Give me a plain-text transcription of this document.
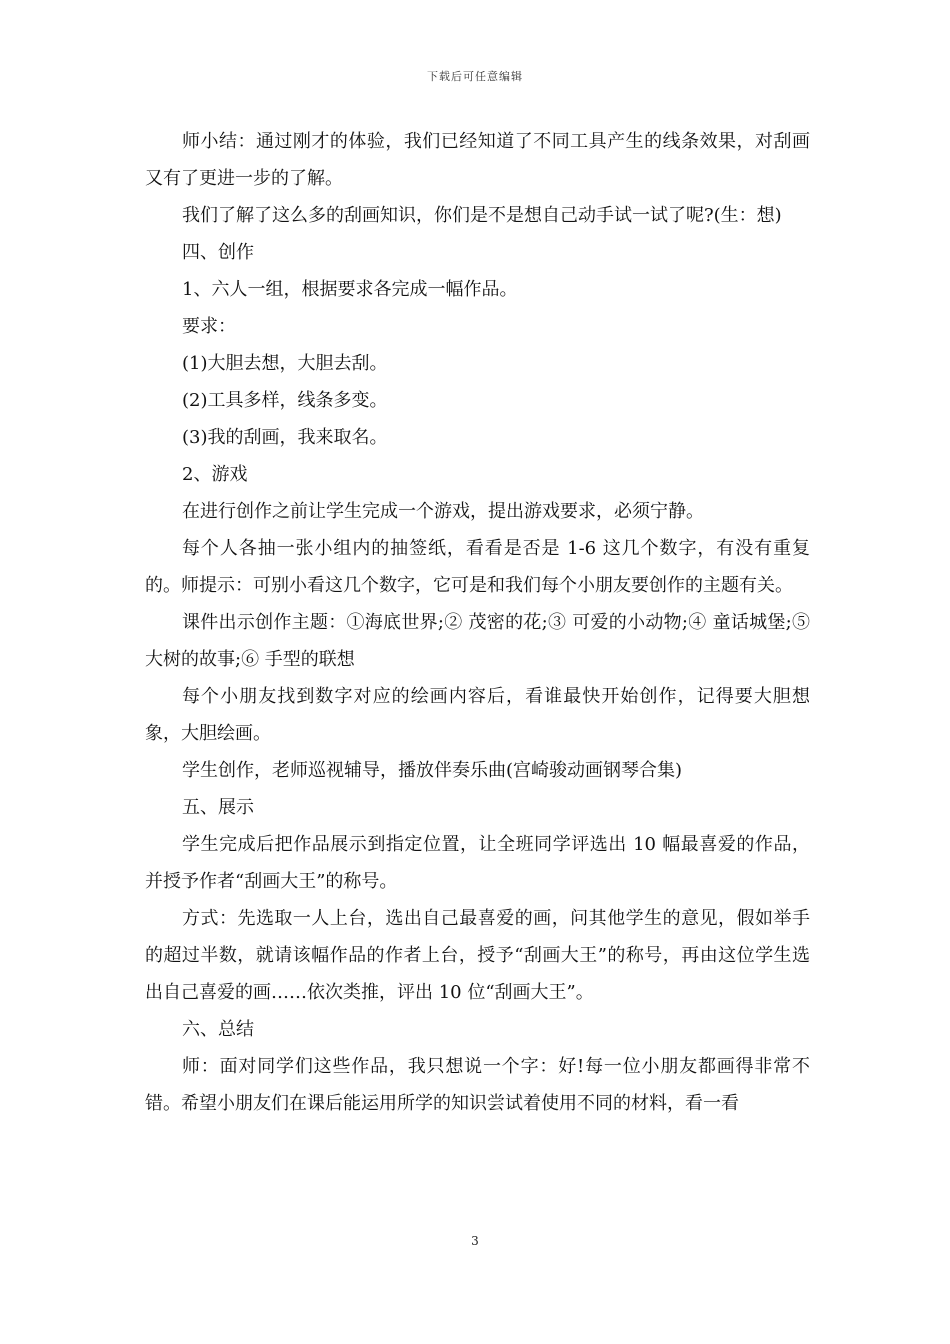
下载后可任意编辑

师小结：通过刚才的体验，我们已经知道了不同工具产生的线条效果，对刮画又有了更进一步的了解。

我们了解了这么多的刮画知识，你们是不是想自己动手试一试了呢?(生：想)

四、创作

1、六人一组，根据要求各完成一幅作品。

要求：

(1)大胆去想，大胆去刮。

(2)工具多样，线条多变。

(3)我的刮画，我来取名。

2、游戏

在进行创作之前让学生完成一个游戏，提出游戏要求，必须宁静。

每个人各抽一张小组内的抽签纸，看看是否是 1-6 这几个数字，有没有重复的。师提示：可别小看这几个数字，它可是和我们每个小朋友要创作的主题有关。

课件出示创作主题：①海底世界;② 茂密的花;③ 可爱的小动物;④ 童话城堡;⑤ 大树的故事;⑥ 手型的联想

每个小朋友找到数字对应的绘画内容后，看谁最快开始创作，记得要大胆想象，大胆绘画。

学生创作，老师巡视辅导，播放伴奏乐曲(宫崎骏动画钢琴合集)

五、展示

学生完成后把作品展示到指定位置，让全班同学评选出 10 幅最喜爱的作品，并授予作者“刮画大王”的称号。

方式：先选取一人上台，选出自己最喜爱的画，问其他学生的意见，假如举手的超过半数，就请该幅作品的作者上台，授予“刮画大王”的称号，再由这位学生选出自己喜爱的画……依次类推，评出 10 位“刮画大王”。

六、总结

师：面对同学们这些作品，我只想说一个字：好!每一位小朋友都画得非常不错。希望小朋友们在课后能运用所学的知识尝试着使用不同的材料，看一看

3
